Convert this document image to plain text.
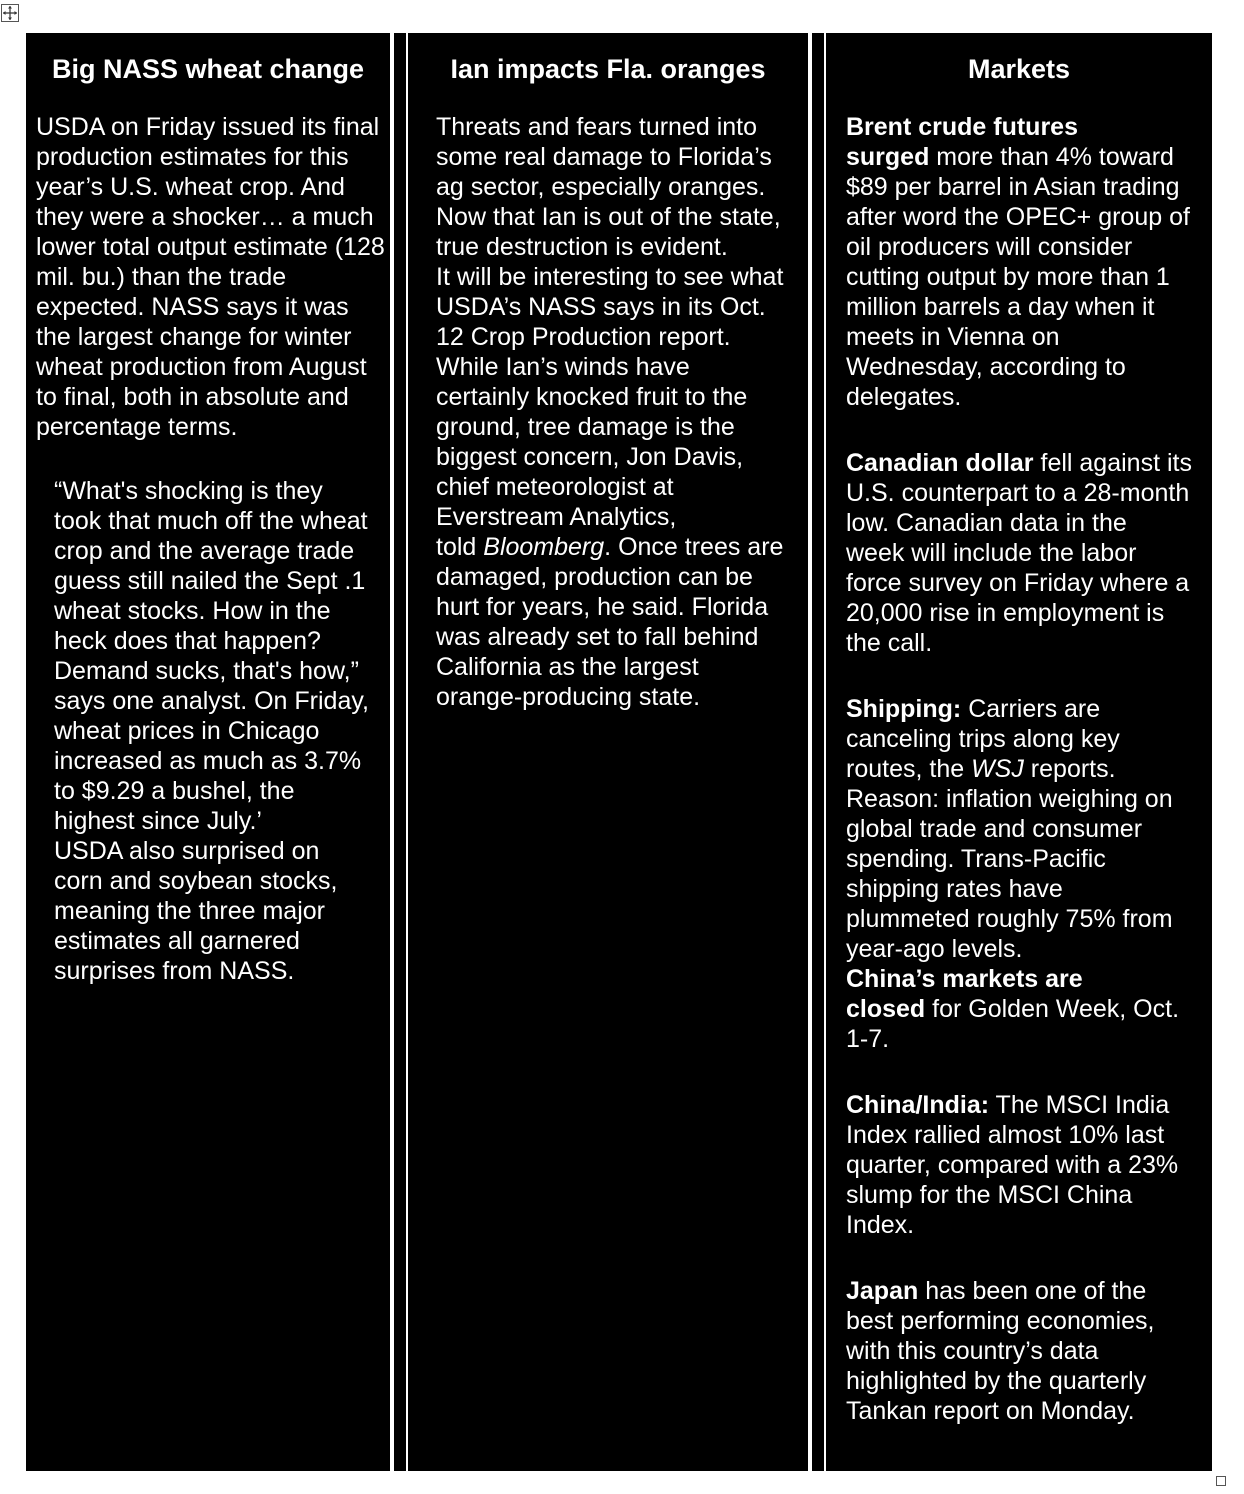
Big NASS wheat change
USDA on Friday issued its final
production estimates for this
year’s U.S. wheat crop. And
they were a shocker… a much
lower total output estimate (128
mil. bu.) than the trade
expected. NASS says it was
the largest change for winter
wheat production from August
to final, both in absolute and
percentage terms.
“What's shocking is they
took that much off the wheat
crop and the average trade
guess still nailed the Sept .1
wheat stocks. How in the
heck does that happen?
Demand sucks, that's how,”
says one analyst. On Friday,
wheat prices in Chicago
increased as much as 3.7%
to $9.29 a bushel, the
highest since July.’
USDA also surprised on
corn and soybean stocks,
meaning the three major
estimates all garnered
surprises from NASS.
Ian impacts Fla. oranges
Threats and fears turned into
some real damage to Florida’s
ag sector, especially oranges.
Now that Ian is out of the state,
true destruction is evident.
It will be interesting to see what
USDA’s NASS says in its Oct.
12 Crop Production report.
While Ian’s winds have
certainly knocked fruit to the
ground, tree damage is the
biggest concern, Jon Davis,
chief meteorologist at
Everstream Analytics,
told Bloomberg. Once trees are
damaged, production can be
hurt for years, he said. Florida
was already set to fall behind
California as the largest
orange-producing state.
Markets
Brent crude futures
surged more than 4% toward
$89 per barrel in Asian trading
after word the OPEC+ group of
oil producers will consider
cutting output by more than 1
million barrels a day when it
meets in Vienna on
Wednesday, according to
delegates.
Canadian dollar fell against its
U.S. counterpart to a 28-month
low. Canadian data in the
week will include the labor
force survey on Friday where a
20,000 rise in employment is
the call.
Shipping: Carriers are
canceling trips along key
routes, the WSJ reports.
Reason: inflation weighing on
global trade and consumer
spending. Trans-Pacific
shipping rates have
plummeted roughly 75% from
year-ago levels.
China’s markets are
closed for Golden Week, Oct.
1-7.
China/India: The MSCI India
Index rallied almost 10% last
quarter, compared with a 23%
slump for the MSCI China
Index.
Japan has been one of the
best performing economies,
with this country’s data
highlighted by the quarterly
Tankan report on Monday.
